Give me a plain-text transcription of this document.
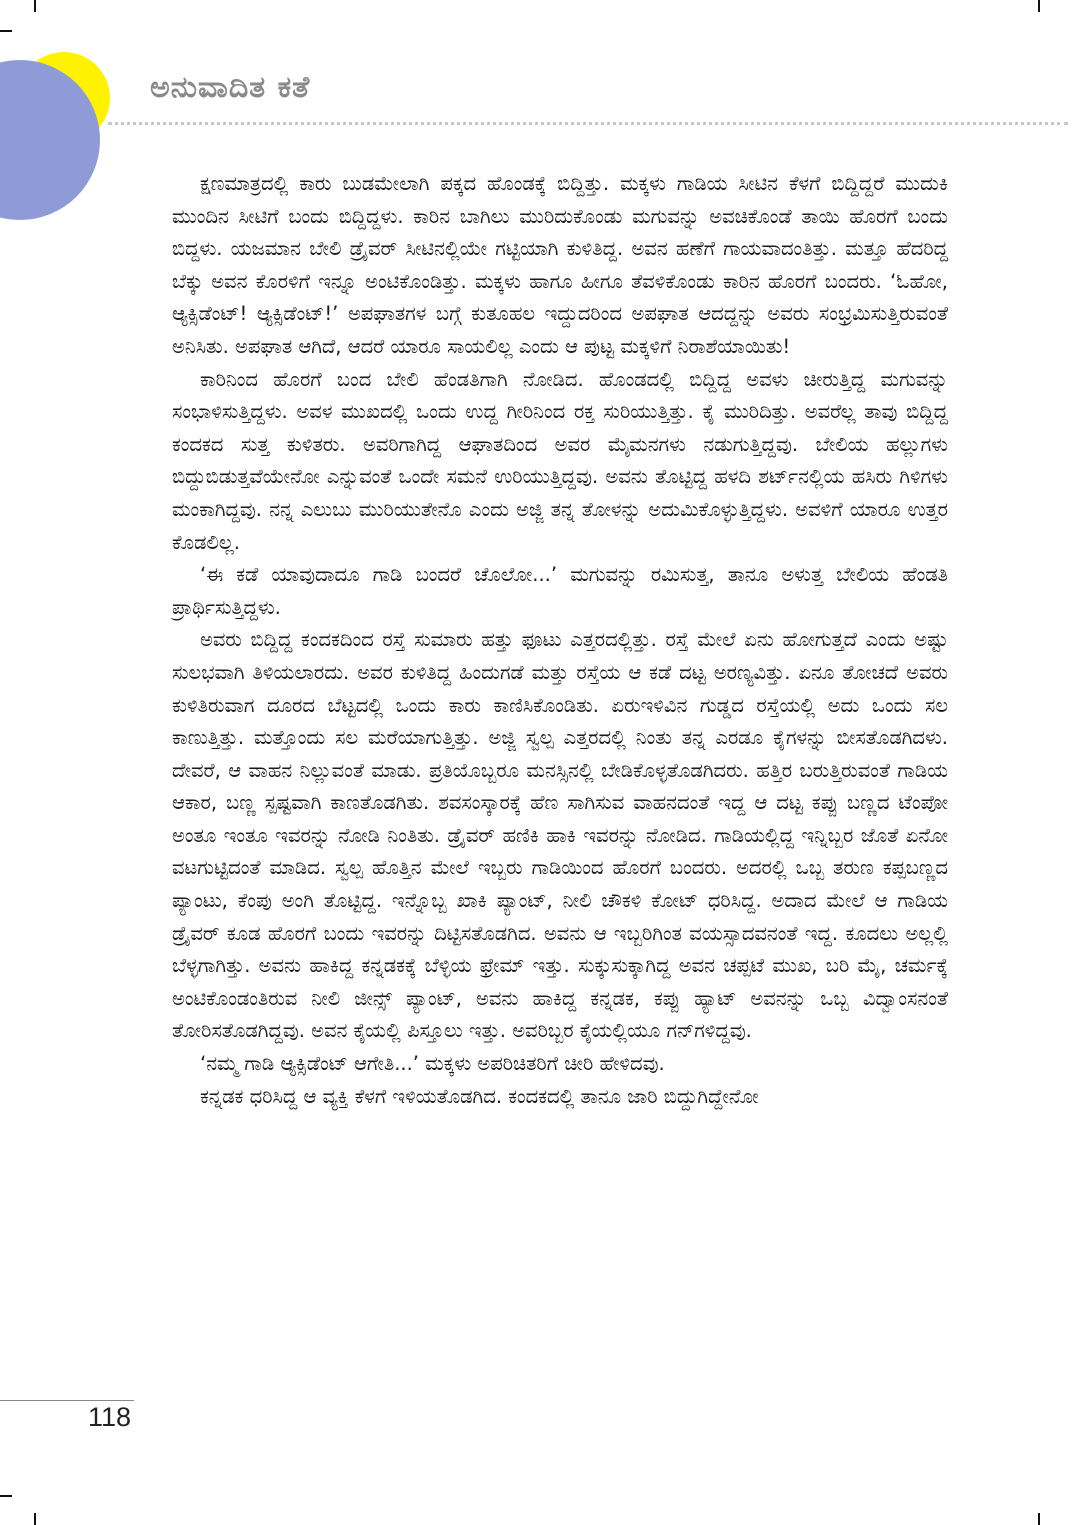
ಅನುವಾದಿತ ಕತೆ

ಕ್ಷಣಮಾತ್ರದಲ್ಲಿ ಕಾರು ಬುಡಮೇಲಾಗಿ ಪಕ್ಕದ ಹೊಂಡಕ್ಕೆ ಬಿದ್ದಿತ್ತು. ಮಕ್ಕಳು ಗಾಡಿಯ ಸೀಟಿನ ಕೆಳಗೆ ಬಿದ್ದಿದ್ದರೆ ಮುದುಕಿ ಮುಂದಿನ ಸೀಟಿಗೆ ಬಂದು ಬಿದ್ದಿದ್ದಳು. ಕಾರಿನ ಬಾಗಿಲು ಮುರಿದುಕೊಂಡು ಮಗುವನ್ನು ಅವಚಿಕೊಂಡೆ ತಾಯಿ ಹೊರಗೆ ಬಂದು ಬಿದ್ದಳು. ಯಜಮಾನ ಬೇಲಿ ಡ್ರೈವರ್ ಸೀಟಿನಲ್ಲಿಯೇ ಗಟ್ಟಿಯಾಗಿ ಕುಳಿತಿದ್ದ. ಅವನ ಹಣೆಗೆ ಗಾಯವಾದಂತಿತ್ತು. ಮತ್ತೂ ಹೆದರಿದ್ದ ಬೆಕ್ಕು ಅವನ ಕೊರಳಿಗೆ ಇನ್ನೂ ಅಂಟಿಕೊಂಡಿತ್ತು. ಮಕ್ಕಳು ಹಾಗೂ ಹೀಗೂ ತೆವಳಿಕೊಂಡು ಕಾರಿನ ಹೊರಗೆ ಬಂದರು. ‘ಓಹೋ, ಆ್ಯಕ್ಸಿಡೆಂಟ್! ಆ್ಯಕ್ಸಿಡೆಂಟ್!’ ಅಪಘಾತಗಳ ಬಗ್ಗೆ ಕುತೂಹಲ ಇದ್ದುದರಿಂದ ಅಪಘಾತ ಆದದ್ದನ್ನು ಅವರು ಸಂಭ್ರಮಿಸುತ್ತಿರುವಂತೆ ಅನಿಸಿತು. ಅಪಘಾತ ಆಗಿದೆ, ಆದರೆ ಯಾರೂ ಸಾಯಲಿಲ್ಲ ಎಂದು ಆ ಪುಟ್ಟ ಮಕ್ಕಳಿಗೆ ನಿರಾಶೆಯಾಯಿತು!

ಕಾರಿನಿಂದ ಹೊರಗೆ ಬಂದ ಬೇಲಿ ಹೆಂಡತಿಗಾಗಿ ನೋಡಿದ. ಹೊಂಡದಲ್ಲಿ ಬಿದ್ದಿದ್ದ ಅವಳು ಚೀರುತ್ತಿದ್ದ ಮಗುವನ್ನು ಸಂಭಾಳಿಸುತ್ತಿದ್ದಳು. ಅವಳ ಮುಖದಲ್ಲಿ ಒಂದು ಉದ್ದ ಗೀರಿನಿಂದ ರಕ್ತ ಸುರಿಯುತ್ತಿತ್ತು. ಕೈ ಮುರಿದಿತ್ತು. ಅವರೆಲ್ಲ ತಾವು ಬಿದ್ದಿದ್ದ ಕಂದಕದ ಸುತ್ತ ಕುಳಿತರು. ಅವರಿಗಾಗಿದ್ದ ಆಘಾತದಿಂದ ಅವರ ಮೈಮನಗಳು ನಡುಗುತ್ತಿದ್ದವು. ಬೇಲಿಯ ಹಲ್ಲುಗಳು ಬಿದ್ದುಬಿಡುತ್ತವೆಯೇನೋ ಎನ್ನುವಂತೆ ಒಂದೇ ಸಮನೆ ಉರಿಯುತ್ತಿದ್ದವು. ಅವನು ತೊಟ್ಟಿದ್ದ ಹಳದಿ ಶರ್ಟ್‌ನಲ್ಲಿಯ ಹಸಿರು ಗಿಳಿಗಳು ಮಂಕಾಗಿದ್ದವು. ನನ್ನ ಎಲುಬು ಮುರಿಯುತೇನೊ ಎಂದು ಅಜ್ಜಿ ತನ್ನ ತೋಳನ್ನು ಅದುಮಿಕೊಳ್ಳುತ್ತಿದ್ದಳು. ಅವಳಿಗೆ ಯಾರೂ ಉತ್ತರ ಕೊಡಲಿಲ್ಲ.

‘ಈ ಕಡೆ ಯಾವುದಾದೂ ಗಾಡಿ ಬಂದರೆ ಚೊಲೋ...’ ಮಗುವನ್ನು ರಮಿಸುತ್ತ, ತಾನೂ ಅಳುತ್ತ ಬೇಲಿಯ ಹೆಂಡತಿ ಪ್ರಾರ್ಥಿಸುತ್ತಿದ್ದಳು.

ಅವರು ಬಿದ್ದಿದ್ದ ಕಂದಕದಿಂದ ರಸ್ತೆ ಸುಮಾರು ಹತ್ತು ಫೂಟು ಎತ್ತರದಲ್ಲಿತ್ತು. ರಸ್ತೆ ಮೇಲೆ ಏನು ಹೋಗುತ್ತದೆ ಎಂದು ಅಷ್ಟು ಸುಲಭವಾಗಿ ತಿಳಿಯಲಾರದು. ಅವರ ಕುಳಿತಿದ್ದ ಹಿಂದುಗಡೆ ಮತ್ತು ರಸ್ತೆಯ ಆ ಕಡೆ ದಟ್ಟ ಅರಣ್ಯವಿತ್ತು. ಏನೂ ತೋಚದೆ ಅವರು ಕುಳಿತಿರುವಾಗ ದೂರದ ಬೆಟ್ಟದಲ್ಲಿ ಒಂದು ಕಾರು ಕಾಣಿಸಿಕೊಂಡಿತು. ಏರುಇಳಿವಿನ ಗುಡ್ಡದ ರಸ್ತೆಯಲ್ಲಿ ಅದು ಒಂದು ಸಲ ಕಾಣುತ್ತಿತ್ತು. ಮತ್ತೊಂದು ಸಲ ಮರೆಯಾಗುತ್ತಿತ್ತು. ಅಜ್ಜಿ ಸ್ವಲ್ಪ ಎತ್ತರದಲ್ಲಿ ನಿಂತು ತನ್ನ ಎರಡೂ ಕೈಗಳನ್ನು ಬೀಸತೊಡಗಿದಳು. ದೇವರೆ, ಆ ವಾಹನ ನಿಲ್ಲುವಂತೆ ಮಾಡು. ಪ್ರತಿಯೊಬ್ಬರೂ ಮನಸ್ಸಿನಲ್ಲಿ ಬೇಡಿಕೊಳ್ಳತೊಡಗಿದರು. ಹತ್ತಿರ ಬರುತ್ತಿರುವಂತೆ ಗಾಡಿಯ ಆಕಾರ, ಬಣ್ಣ ಸ್ಪಷ್ಟವಾಗಿ ಕಾಣತೊಡಗಿತು. ಶವಸಂಸ್ಕಾರಕ್ಕೆ ಹೆಣ ಸಾಗಿಸುವ ವಾಹನದಂತೆ ಇದ್ದ ಆ ದಟ್ಟ ಕಪ್ಪು ಬಣ್ಣದ ಟೆಂಪೋ ಅಂತೂ ಇಂತೂ ಇವರನ್ನು ನೋಡಿ ನಿಂತಿತು. ಡ್ರೈವರ್ ಹಣಿಕಿ ಹಾಕಿ ಇವರನ್ನು ನೋಡಿದ. ಗಾಡಿಯಲ್ಲಿದ್ದ ಇನ್ನಿಬ್ಬರ ಜೊತೆ ಏನೋ ವಟಗುಟ್ಟಿದಂತೆ ಮಾಡಿದ. ಸ್ವಲ್ಪ ಹೊತ್ತಿನ ಮೇಲೆ ಇಬ್ಬರು ಗಾಡಿಯಿಂದ ಹೊರಗೆ ಬಂದರು. ಅದರಲ್ಲಿ ಒಬ್ಬ ತರುಣ ಕಪ್ಪಬಣ್ಣದ ಪ್ಯಾಂಟು, ಕೆಂಪು ಅಂಗಿ ತೊಟ್ಟಿದ್ದ. ಇನ್ನೊಬ್ಬ ಖಾಕಿ ಪ್ಯಾಂಟ್, ನೀಲಿ ಚೌಕಳಿ ಕೋಟ್ ಧರಿಸಿದ್ದ. ಅದಾದ ಮೇಲೆ ಆ ಗಾಡಿಯ ಡ್ರೈವರ್ ಕೂಡ ಹೊರಗೆ ಬಂದು ಇವರನ್ನು ದಿಟ್ಟಿಸತೊಡಗಿದ. ಅವನು ಆ ಇಬ್ಬರಿಗಿಂತ ವಯಸ್ಸಾದವನಂತೆ ಇದ್ದ. ಕೂದಲು ಅಲ್ಲಲ್ಲಿ ಬೆಳ್ಳಗಾಗಿತ್ತು. ಅವನು ಹಾಕಿದ್ದ ಕನ್ನಡಕಕ್ಕೆ ಬೆಳ್ಳಿಯ ಫ್ರೇಮ್ ಇತ್ತು. ಸುಕ್ಕುಸುಕ್ಕಾಗಿದ್ದ ಅವನ ಚಪ್ಪಟೆ ಮುಖ, ಬರಿ ಮೈ, ಚರ್ಮಕ್ಕೆ ಅಂಟಿಕೊಂಡಂತಿರುವ ನೀಲಿ ಜೀನ್ಸ್ ಪ್ಯಾಂಟ್, ಅವನು ಹಾಕಿದ್ದ ಕನ್ನಡಕ, ಕಪ್ಪು ಹ್ಯಾಟ್ ಅವನನ್ನು ಒಬ್ಬ ವಿದ್ವಾಂಸನಂತೆ ತೋರಿಸತೊಡಗಿದ್ದವು. ಅವನ ಕೈಯಲ್ಲಿ ಪಿಸ್ತೂಲು ಇತ್ತು. ಅವರಿಬ್ಬರ ಕೈಯಲ್ಲಿಯೂ ಗನ್‌ಗಳಿದ್ದವು.

‘ನಮ್ಮ ಗಾಡಿ ಆ್ಯಕ್ಸಿಡೆಂಟ್ ಆಗೇತಿ...’ ಮಕ್ಕಳು ಅಪರಿಚಿತರಿಗೆ ಚೀರಿ ಹೇಳಿದವು.

ಕನ್ನಡಕ ಧರಿಸಿದ್ದ ಆ ವ್ಯಕ್ತಿ ಕೆಳಗೆ ಇಳಿಯತೊಡಗಿದ. ಕಂದಕದಲ್ಲಿ ತಾನೂ ಜಾರಿ ಬಿದ್ದುಗಿದ್ದೇನೋ

118
